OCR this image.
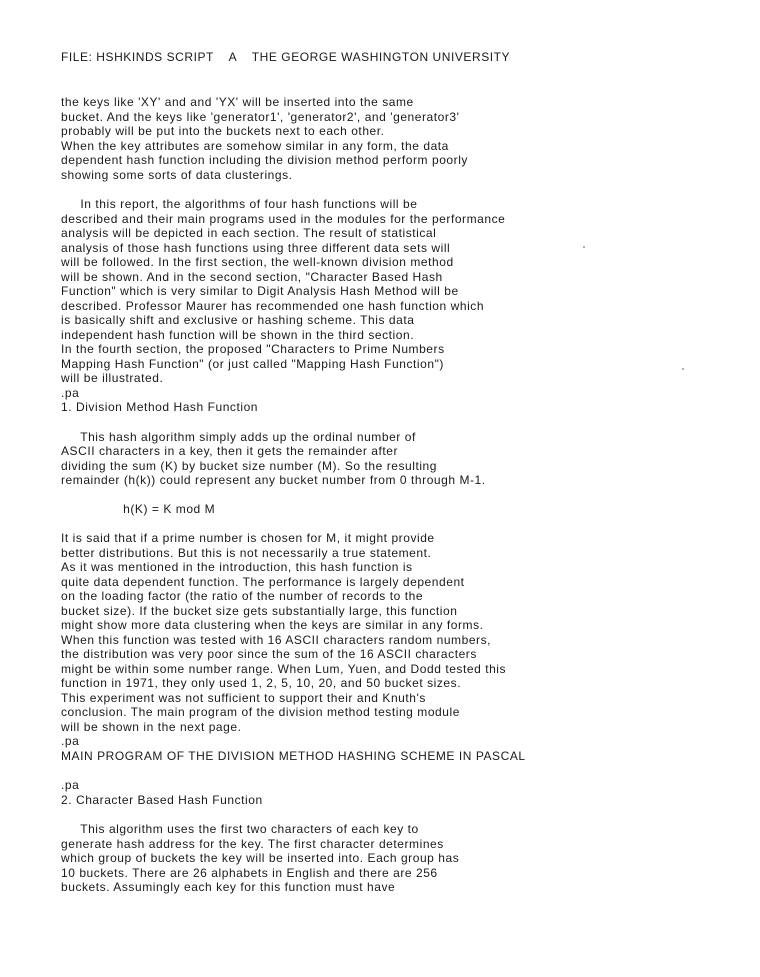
FILE: HSHKINDS SCRIPT    A    THE GEORGE WASHINGTON UNIVERSITY
the keys like 'XY' and and 'YX' will be inserted into the same
bucket. And the keys like 'generator1', 'generator2', and 'generator3'
probably will be put into the buckets next to each other.
When the key attributes are somehow similar in any form, the data
dependent hash function including the division method perform poorly
showing some sorts of data clusterings.
In this report, the algorithms of four hash functions will be
described and their main programs used in the modules for the performance
analysis will be depicted in each section. The result of statistical
analysis of those hash functions using three different data sets will
will be followed. In the first section, the well-known division method
will be shown. And in the second section, "Character Based Hash
Function" which is very similar to Digit Analysis Hash Method will be
described. Professor Maurer has recommended one hash function which
is basically shift and exclusive or hashing scheme. This data
independent hash function will be shown in the third section.
In the fourth section, the proposed "Characters to Prime Numbers
Mapping Hash Function" (or just called "Mapping Hash Function")
will be illustrated.
.pa
1. Division Method Hash Function
This hash algorithm simply adds up the ordinal number of
ASCII characters in a key, then it gets the remainder after
dividing the sum (K) by bucket size number (M). So the resulting
remainder (h(k)) could represent any bucket number from 0 through M-1.
h(K) = K mod M
It is said that if a prime number is chosen for M, it might provide
better distributions. But this is not necessarily a true statement.
As it was mentioned in the introduction, this hash function is
quite data dependent function. The performance is largely dependent
on the loading factor (the ratio of the number of records to the
bucket size). If the bucket size gets substantially large, this function
might show more data clustering when the keys are similar in any forms.
When this function was tested with 16 ASCII characters random numbers,
the distribution was very poor since the sum of the 16 ASCII characters
might be within some number range. When Lum, Yuen, and Dodd tested this
function in 1971, they only used 1, 2, 5, 10, 20, and 50 bucket sizes.
This experiment was not sufficient to support their and Knuth's
conclusion. The main program of the division method testing module
will be shown in the next page.
.pa
MAIN PROGRAM OF THE DIVISION METHOD HASHING SCHEME IN PASCAL
.pa
2. Character Based Hash Function
This algorithm uses the first two characters of each key to
generate hash address for the key. The first character determines
which group of buckets the key will be inserted into. Each group has
10 buckets. There are 26 alphabets in English and there are 256
buckets. Assumingly each key for this function must have
